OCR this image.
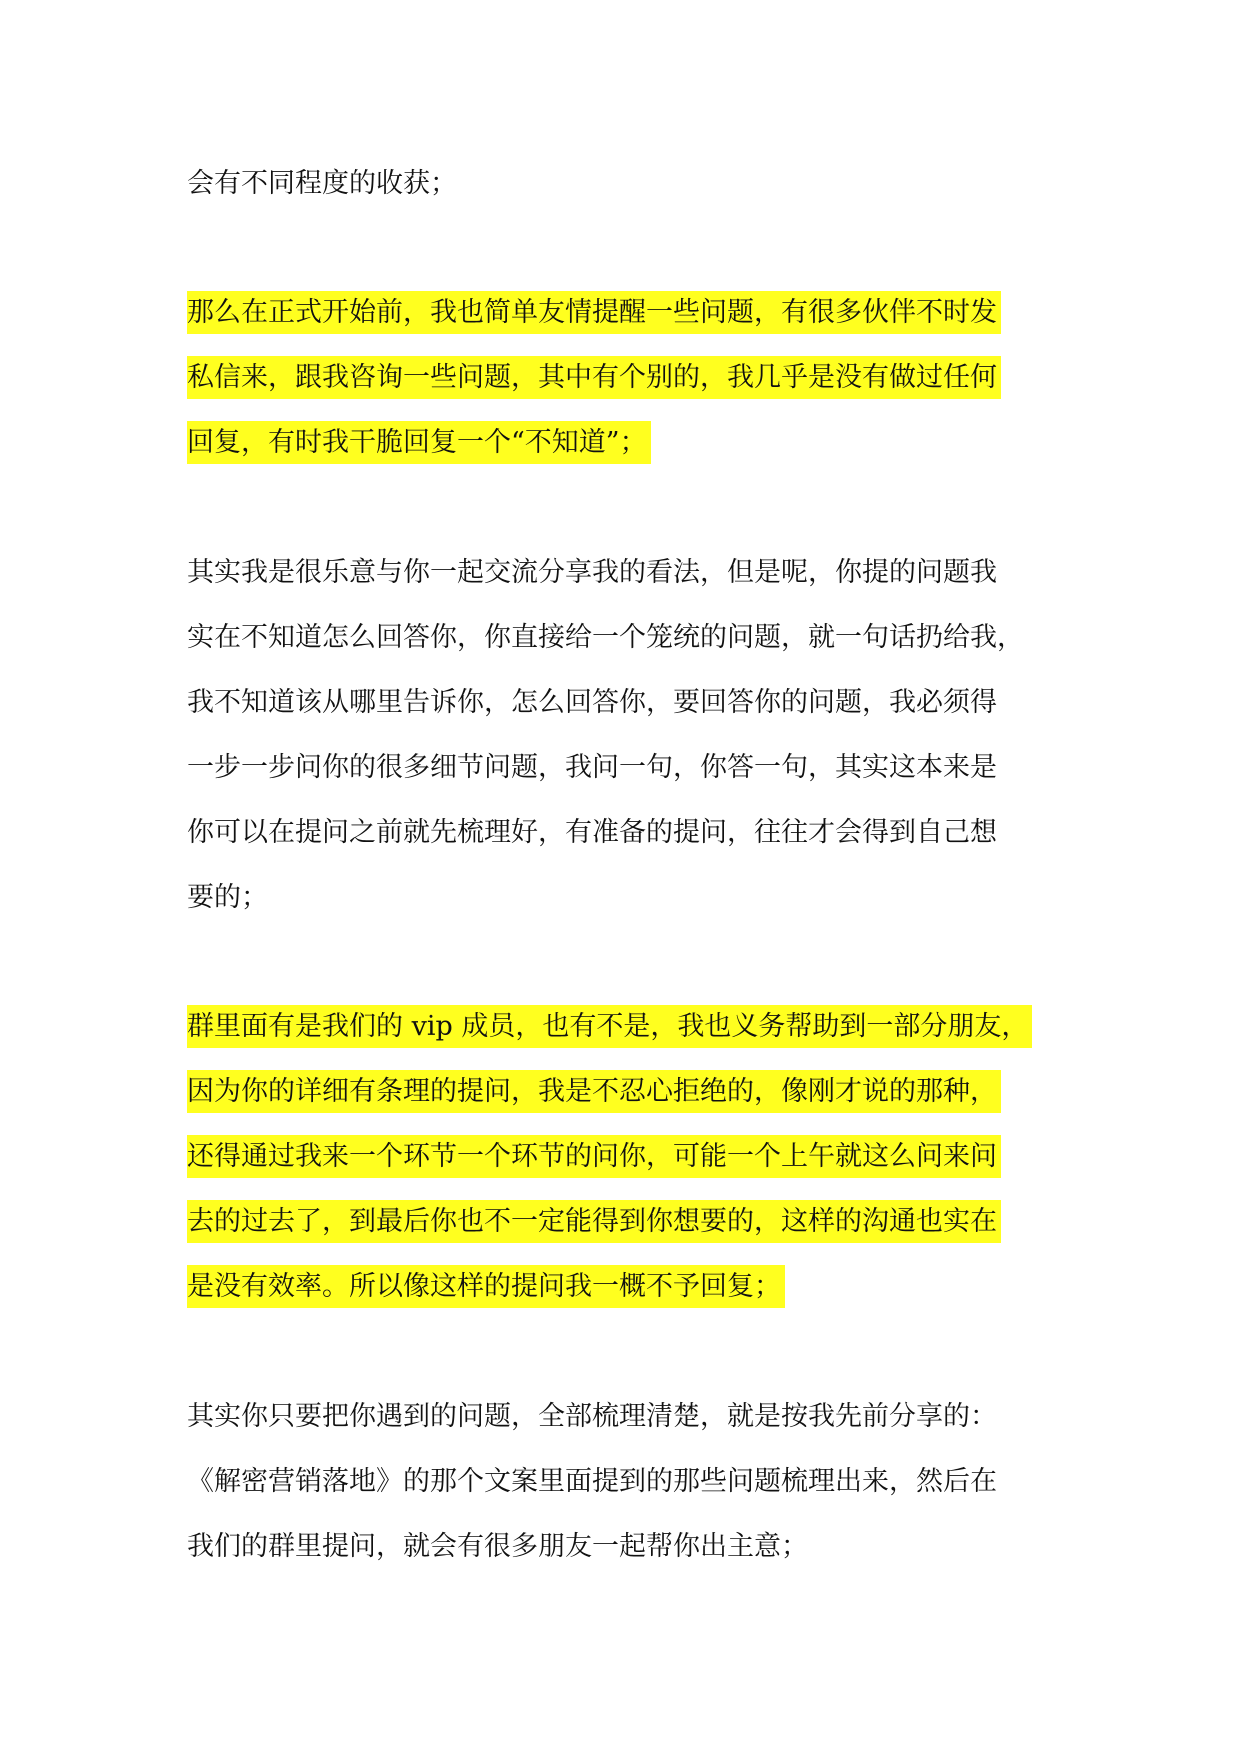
会有不同程度的收获；
那么在正式开始前，我也简单友情提醒一些问题，有很多伙伴不时发
私信来，跟我咨询一些问题，其中有个别的，我几乎是没有做过任何
回复，有时我干脆回复一个“不知道”；
其实我是很乐意与你一起交流分享我的看法，但是呢，你提的问题我
实在不知道怎么回答你，你直接给一个笼统的问题，就一句话扔给我，
我不知道该从哪里告诉你，怎么回答你，要回答你的问题，我必须得
一步一步问你的很多细节问题，我问一句，你答一句，其实这本来是
你可以在提问之前就先梳理好，有准备的提问，往往才会得到自己想
要的；
群里面有是我们的 vip 成员，也有不是，我也义务帮助到一部分朋友，
因为你的详细有条理的提问，我是不忍心拒绝的，像刚才说的那种，
还得通过我来一个环节一个环节的问你，可能一个上午就这么问来问
去的过去了，到最后你也不一定能得到你想要的，这样的沟通也实在
是没有效率。所以像这样的提问我一概不予回复；
其实你只要把你遇到的问题，全部梳理清楚，就是按我先前分享的：
《解密营销落地》的那个文案里面提到的那些问题梳理出来，然后在
我们的群里提问，就会有很多朋友一起帮你出主意；
